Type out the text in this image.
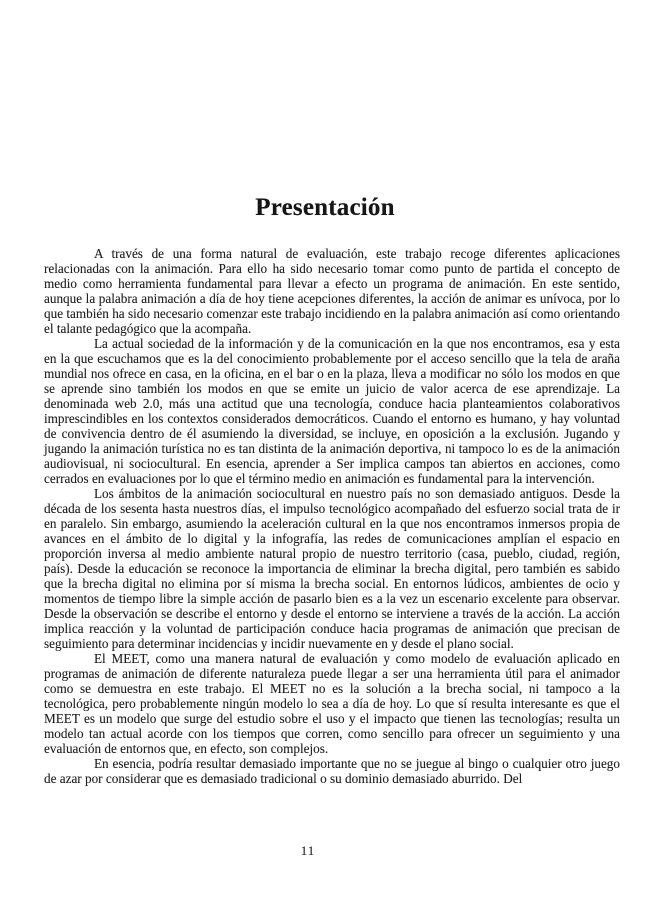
Presentación

A través de una forma natural de evaluación, este trabajo recoge diferentes aplicaciones relacionadas con la animación. Para ello ha sido necesario tomar como punto de partida el concepto de medio como herramienta fundamental para llevar a efecto un programa de animación. En este sentido, aunque la palabra animación a día de hoy tiene acepciones diferentes, la acción de animar es unívoca, por lo que también ha sido necesario comenzar este trabajo incidiendo en la palabra animación así como orientando el talante pedagógico que la acompaña.

La actual sociedad de la información y de la comunicación en la que nos encontramos, esa y esta en la que escuchamos que es la del conocimiento probablemente por el acceso sencillo que la tela de araña mundial nos ofrece en casa, en la oficina, en el bar o en la plaza, lleva a modificar no sólo los modos en que se aprende sino también los modos en que se emite un juicio de valor acerca de ese aprendizaje. La denominada web 2.0, más una actitud que una tecnología, conduce hacia planteamientos colaborativos imprescindibles en los contextos considerados democráticos. Cuando el entorno es humano, y hay voluntad de convivencia dentro de él asumiendo la diversidad, se incluye, en oposición a la exclusión. Jugando y jugando la animación turística no es tan distinta de la animación deportiva, ni tampoco lo es de la animación audiovisual, ni sociocultural. En esencia, aprender a Ser implica campos tan abiertos en acciones, como cerrados en evaluaciones por lo que el término medio en animación es fundamental para la intervención.

Los ámbitos de la animación sociocultural en nuestro país no son demasiado antiguos. Desde la década de los sesenta hasta nuestros días, el impulso tecnológico acompañado del esfuerzo social trata de ir en paralelo. Sin embargo, asumiendo la aceleración cultural en la que nos encontramos inmersos propia de avances en el ámbito de lo digital y la infografía, las redes de comunicaciones amplían el espacio en proporción inversa al medio ambiente natural propio de nuestro territorio (casa, pueblo, ciudad, región, país). Desde la educación se reconoce la importancia de eliminar la brecha digital, pero también es sabido que la brecha digital no elimina por sí misma la brecha social. En entornos lúdicos, ambientes de ocio y momentos de tiempo libre la simple acción de pasarlo bien es a la vez un escenario excelente para observar. Desde la observación se describe el entorno y desde el entorno se interviene a través de la acción. La acción implica reacción y la voluntad de participación conduce hacia programas de animación que precisan de seguimiento para determinar incidencias y incidir nuevamente en y desde el plano social.

El MEET, como una manera natural de evaluación y como modelo de evaluación aplicado en programas de animación de diferente naturaleza puede llegar a ser una herramienta útil para el animador como se demuestra en este trabajo. El MEET no es la solución a la brecha social, ni tampoco a la tecnológica, pero probablemente ningún modelo lo sea a día de hoy. Lo que sí resulta interesante es que el MEET es un modelo que surge del estudio sobre el uso y el impacto que tienen las tecnologías; resulta un modelo tan actual acorde con los tiempos que corren, como sencillo para ofrecer un seguimiento y una evaluación de entornos que, en efecto, son complejos.

En esencia, podría resultar demasiado importante que no se juegue al bingo o cualquier otro juego de azar por considerar que es demasiado tradicional o su dominio demasiado aburrido. Del

11
